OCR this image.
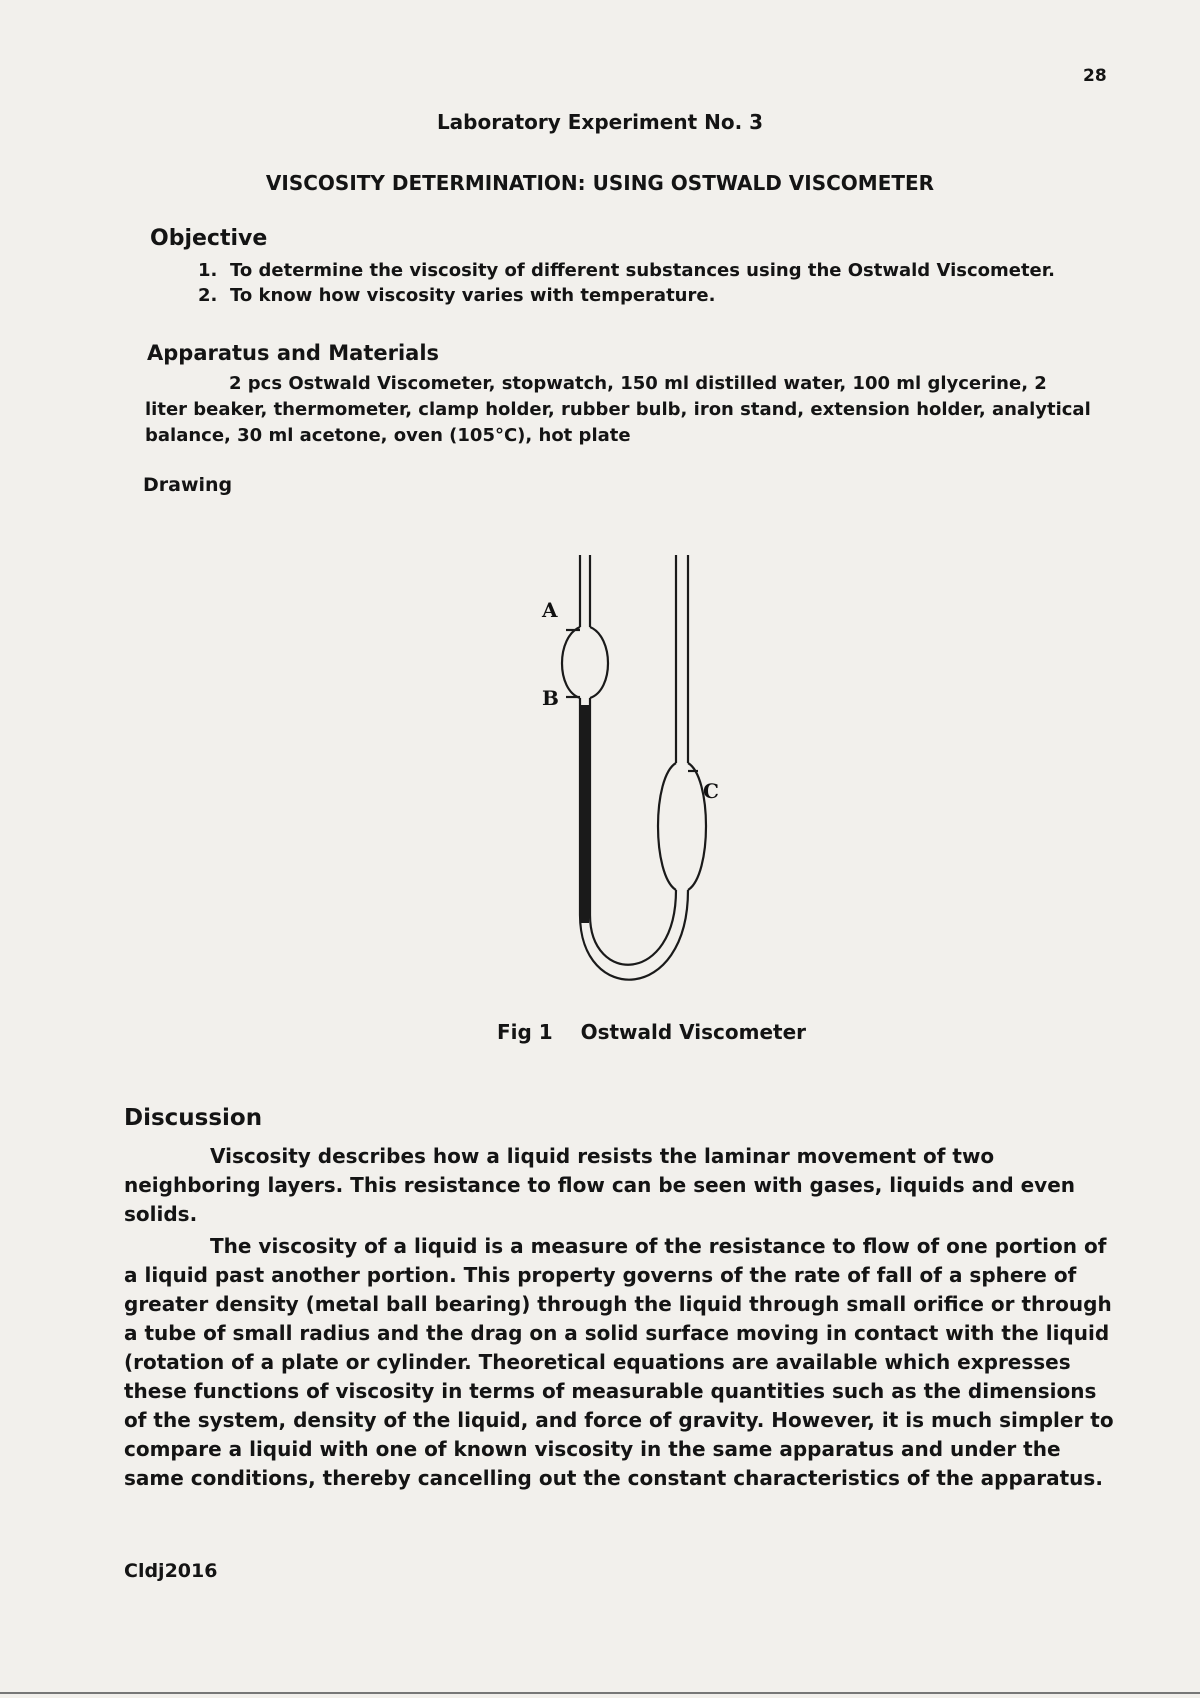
28
Laboratory Experiment No. 3
VISCOSITY DETERMINATION: USING OSTWALD VISCOMETER
Objective
1. To determine the viscosity of different substances using the Ostwald Viscometer.
2. To know how viscosity varies with temperature.
Apparatus and Materials
2 pcs Ostwald Viscometer, stopwatch, 150 ml distilled water, 100 ml glycerine, 2 liter beaker, thermometer, clamp holder, rubber bulb, iron stand, extension holder, analytical balance, 30 ml acetone, oven (105°C), hot plate
Drawing
A
B
C
Fig 1 Ostwald Viscometer
Discussion
Viscosity describes how a liquid resists the laminar movement of two neighboring layers. This resistance to flow can be seen with gases, liquids and even solids.
The viscosity of a liquid is a measure of the resistance to flow of one portion of a liquid past another portion. This property governs of the rate of fall of a sphere of greater density (metal ball bearing) through the liquid through small orifice or through a tube of small radius and the drag on a solid surface moving in contact with the liquid (rotation of a plate or cylinder. Theoretical equations are available which expresses these functions of viscosity in terms of measurable quantities such as the dimensions of the system, density of the liquid, and force of gravity. However, it is much simpler to compare a liquid with one of known viscosity in the same apparatus and under the same conditions, thereby cancelling out the constant characteristics of the apparatus.
Cldj2016
